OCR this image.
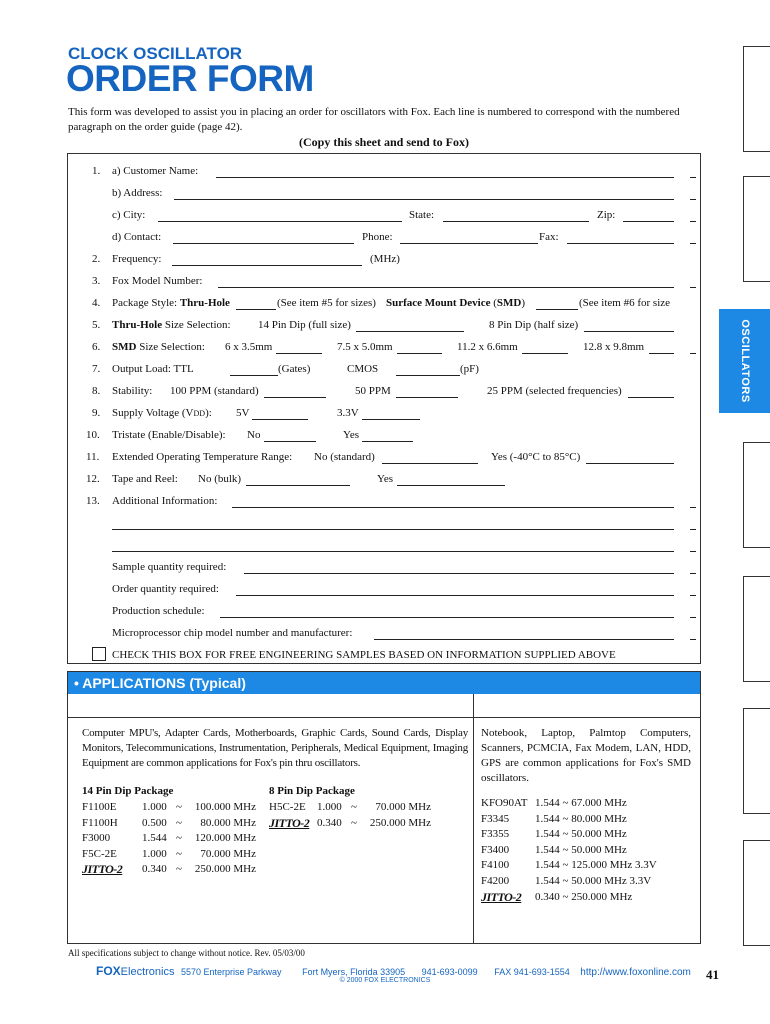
CLOCK OSCILLATOR
ORDER FORM
This form was developed to assist you in placing an order for oscillators with Fox. Each line is numbered to correspond with the numbered paragraph on the order guide (page 42).
(Copy this sheet and send to Fox)
1. a) Customer Name:
b) Address:
c) City:	State:	Zip:
d) Contact:	Phone:	Fax:
2. Frequency:	(MHz)
3. Fox Model Number:
4. Package Style: Thru-Hole	(See item #5 for sizes) Surface Mount Device (SMD)	(See item #6 for size
5. Thru-Hole Size Selection: 14 Pin Dip (full size)	8 Pin Dip (half size)
6. SMD Size Selection: 6 x 3.5mm	7.5 x 5.0mm	11.2 x 6.6mm	12.8 x 9.8mm
7. Output Load: TTL	(Gates)	CMOS	(pF)
8. Stability: 100 PPM (standard)	50 PPM	25 PPM (selected frequencies)
9. Supply Voltage (VDD): 5V	3.3V
10. Tristate (Enable/Disable): No	Yes
11. Extended Operating Temperature Range: No (standard)	Yes (-40°C to 85°C)
12. Tape and Reel: No (bulk)	Yes
13. Additional Information:
Sample quantity required:
Order quantity required:
Production schedule:
Microprocessor chip model number and manufacturer:
CHECK THIS BOX FOR FREE ENGINEERING SAMPLES BASED ON INFORMATION SUPPLIED ABOVE
OSCILLATORS
• APPLICATIONS (Typical)
Computer MPU's, Adapter Cards, Motherboards, Graphic Cards, Sound Cards, Display Monitors, Telecommunications, Instrumentation, Peripherals, Medical Equipment, Imaging Equipment are common applications for Fox's pin thru oscillators.
Notebook, Laptop, Palmtop Computers, Scanners, PCMCIA, Fax Modem, LAN, HDD, GPS are common applications for Fox's SMD oscillators.
14 Pin Dip Package
F1100E	1.000 ~	100.000 MHz
F1100H	0.500 ~	80.000 MHz
F3000	1.544 ~	120.000 MHz
F5C-2E	1.000 ~	70.000 MHz
JITTO-2	0.340 ~	250.000 MHz
8 Pin Dip Package
H5C-2E	1.000 ~	70.000 MHz
JITTO-2 0.340 ~	250.000 MHz
KFO90AT 1.544 ~ 67.000 MHz
F3345	1.544 ~ 80.000 MHz
F3355	1.544 ~ 50.000 MHz
F3400	1.544 ~ 50.000 MHz
F4100	1.544 ~ 125.000 MHz 3.3V
F4200	1.544 ~ 50.000 MHz 3.3V
JITTO-2	0.340 ~ 250.000 MHz
All specifications subject to change without notice. Rev. 05/03/00
FOXElectronics 5570 Enterprise Parkway Fort Myers, Florida 33905 941-693-0099 FAX 941-693-1554 http://www.foxonline.com
© 2000 FOX ELECTRONICS	41
